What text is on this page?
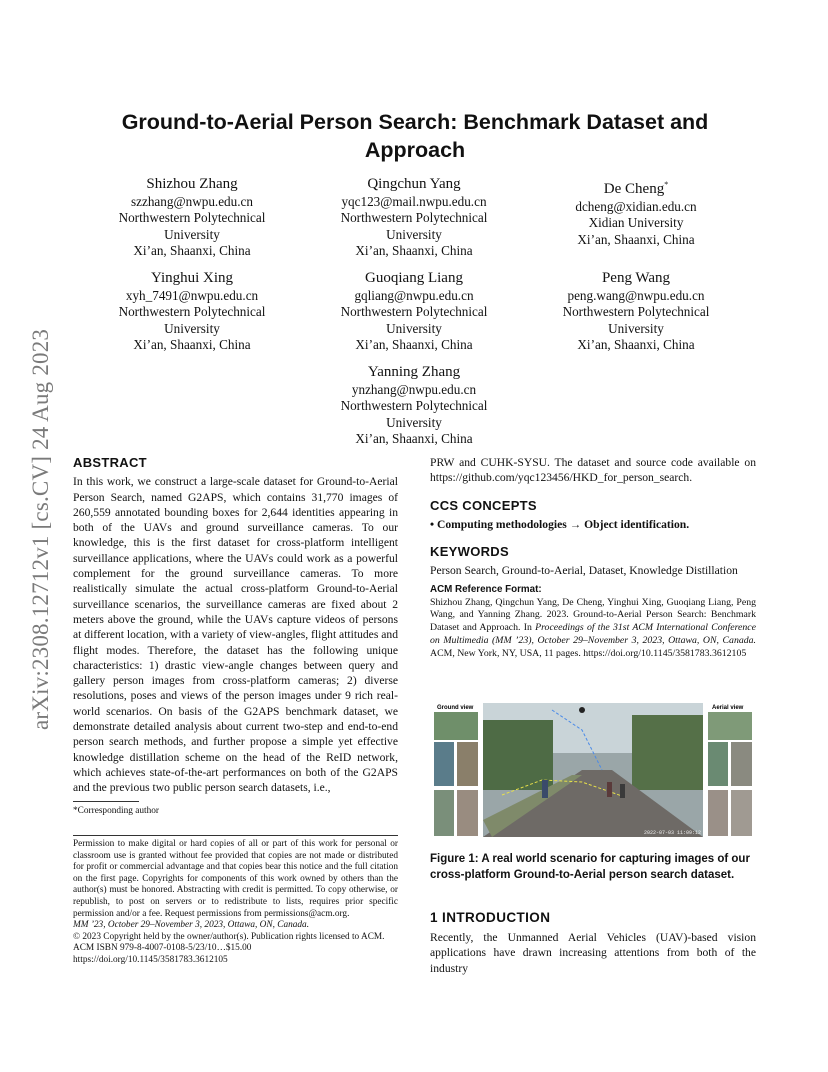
arXiv:2308.12712v1 [cs.CV] 24 Aug 2023
Ground-to-Aerial Person Search: Benchmark Dataset and
Approach
Shizhou Zhang
szzhang@nwpu.edu.cn
Northwestern Polytechnical
University
Xi’an, Shaanxi, China
Qingchun Yang
yqc123@mail.nwpu.edu.cn
Northwestern Polytechnical
University
Xi’an, Shaanxi, China
De Cheng*
dcheng@xidian.edu.cn
Xidian University
Xi’an, Shaanxi, China
Yinghui Xing
xyh_7491@nwpu.edu.cn
Northwestern Polytechnical
University
Xi’an, Shaanxi, China
Guoqiang Liang
gqliang@nwpu.edu.cn
Northwestern Polytechnical
University
Xi’an, Shaanxi, China
Peng Wang
peng.wang@nwpu.edu.cn
Northwestern Polytechnical
University
Xi’an, Shaanxi, China
Yanning Zhang
ynzhang@nwpu.edu.cn
Northwestern Polytechnical
University
Xi’an, Shaanxi, China
ABSTRACT

In this work, we construct a large-scale dataset for Ground-to-Aerial Person Search, named G2APS, which contains 31,770 images of 260,559 annotated bounding boxes for 2,644 identities appearing in both of the UAVs and ground surveillance cameras. To our knowledge, this is the first dataset for cross-platform intelligent surveillance applications, where the UAVs could work as a powerful complement for the ground surveillance cameras. To more realistically simulate the actual cross-platform Ground-to-Aerial surveillance scenarios, the surveillance cameras are fixed about 2 meters above the ground, while the UAVs capture videos of persons at different location, with a variety of view-angles, flight attitudes and flight modes. Therefore, the dataset has the following unique characteristics: 1) drastic view-angle changes between query and gallery person images from cross-platform cameras; 2) diverse resolutions, poses and views of the person images under 9 rich real-world scenarios. On basis of the G2APS benchmark dataset, we demonstrate detailed analysis about current two-step and end-to-end person search methods, and further propose a simple yet effective knowledge distillation scheme on the head of the ReID network, which achieves state-of-the-art performances on both of the G2APS and the previous two public person search datasets, i.e.,

*Corresponding author

Permission to make digital or hard copies of all or part of this work for personal or classroom use is granted without fee provided that copies are not made or distributed for profit or commercial advantage and that copies bear this notice and the full citation on the first page. Copyrights for components of this work owned by others than the author(s) must be honored. Abstracting with credit is permitted. To copy otherwise, or republish, to post on servers or to redistribute to lists, requires prior specific permission and/or a fee. Request permissions from permissions@acm.org.

MM ’23, October 29–November 3, 2023, Ottawa, ON, Canada.

© 2023 Copyright held by the owner/author(s). Publication rights licensed to ACM.

ACM ISBN 979-8-4007-0108-5/23/10…$15.00

https://doi.org/10.1145/3581783.3612105

PRW and CUHK-SYSU. The dataset and source code available on https://github.com/yqc123456/HKD_for_person_search.

CCS CONCEPTS

• Computing methodologies → Object identification.

KEYWORDS

Person Search, Ground-to-Aerial, Dataset, Knowledge Distillation

ACM Reference Format:
Shizhou Zhang, Qingchun Yang, De Cheng, Yinghui Xing, Guoqiang Liang, Peng Wang, and Yanning Zhang. 2023. Ground-to-Aerial Person Search: Benchmark Dataset and Approach. In Proceedings of the 31st ACM International Conference on Multimedia (MM ’23), October 29–November 3, 2023, Ottawa, ON, Canada. ACM, New York, NY, USA, 11 pages. https://doi.org/10.1145/3581783.3612105
Ground view
2022-07-03 11:09:12
Aerial view
Figure 1: A real world scenario for capturing images of our cross-platform Ground-to-Aerial person search dataset.
1 INTRODUCTION
Recently, the Unmanned Aerial Vehicles (UAV)-based vision applications have drawn increasing attentions from both of the industry
